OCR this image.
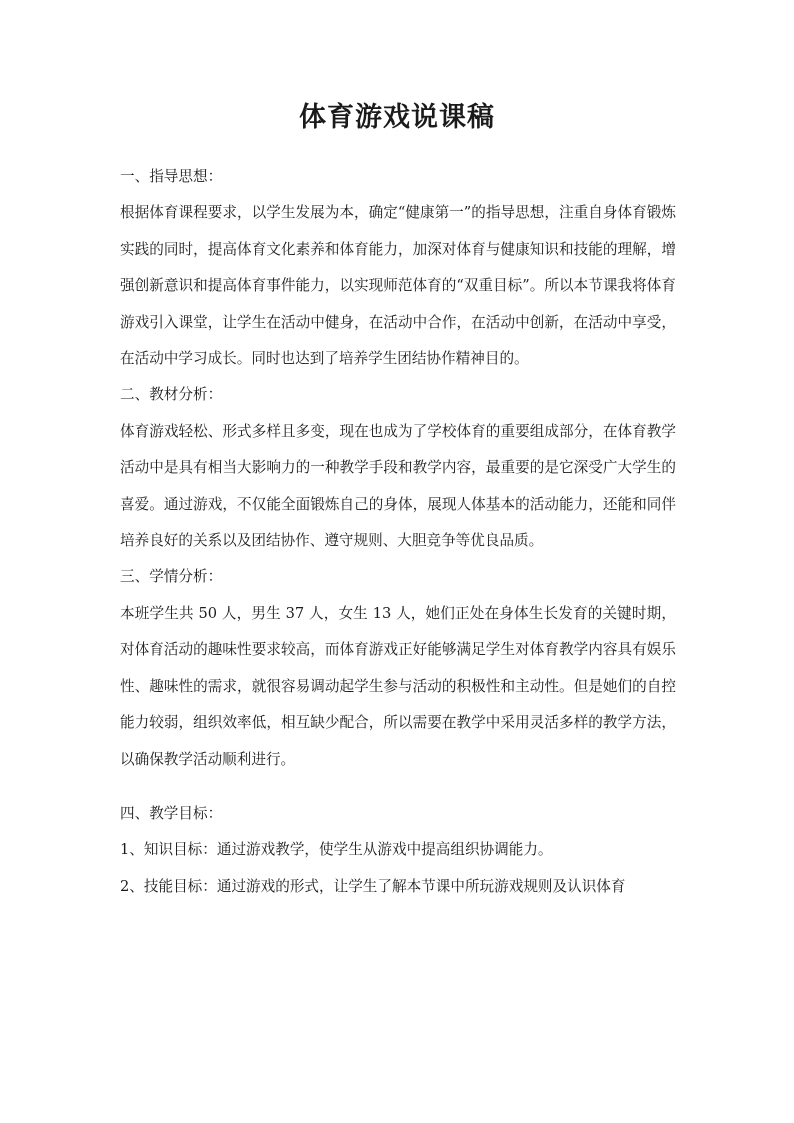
体育游戏说课稿

一、指导思想：

根据体育课程要求，以学生发展为本，确定“健康第一”的指导思想，注重自身体育锻炼实践的同时，提高体育文化素养和体育能力，加深对体育与健康知识和技能的理解，增强创新意识和提高体育事件能力，以实现师范体育的“双重目标”。所以本节课我将体育游戏引入课堂，让学生在活动中健身，在活动中合作，在活动中创新，在活动中享受，在活动中学习成长。同时也达到了培养学生团结协作精神目的。

二、教材分析：

体育游戏轻松、形式多样且多变，现在也成为了学校体育的重要组成部分，在体育教学活动中是具有相当大影响力的一种教学手段和教学内容，最重要的是它深受广大学生的喜爱。通过游戏，不仅能全面锻炼自己的身体，展现人体基本的活动能力，还能和同伴培养良好的关系以及团结协作、遵守规则、大胆竞争等优良品质。

三、学情分析：

本班学生共 50 人，男生 37 人，女生 13 人，她们正处在身体生长发育的关键时期，对体育活动的趣味性要求较高，而体育游戏正好能够满足学生对体育教学内容具有娱乐性、趣味性的需求，就很容易调动起学生参与活动的积极性和主动性。但是她们的自控能力较弱，组织效率低，相互缺少配合，所以需要在教学中采用灵活多样的教学方法，以确保教学活动顺利进行。

四、教学目标：

1、知识目标：通过游戏教学，使学生从游戏中提高组织协调能力。

2、技能目标：通过游戏的形式，让学生了解本节课中所玩游戏规则及认识体育
